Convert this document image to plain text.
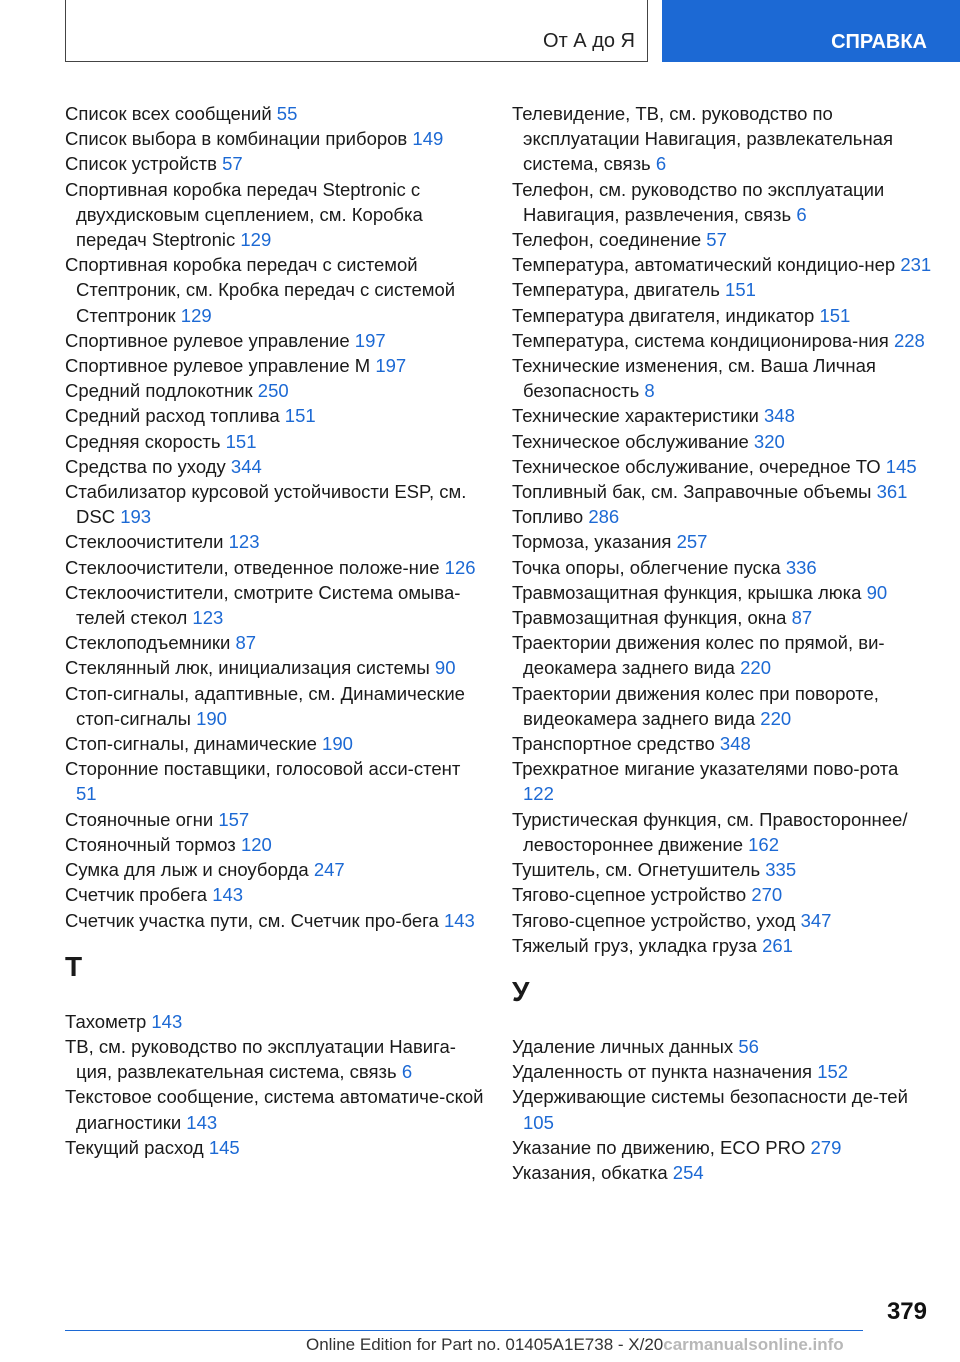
От А до Я	СПРАВКА
Список всех сообщений 55
Список выбора в комбинации приборов 149
Список устройств 57
Спортивная коробка передач Steptronic с двухдисковым сцеплением, см. Коробка передач Steptronic 129
Спортивная коробка передач с системой Стептроник, см. Кробка передач с системой Стептроник 129
Спортивное рулевое управление 197
Спортивное рулевое управление M 197
Средний подлокотник 250
Средний расход топлива 151
Средняя скорость 151
Средства по уходу 344
Стабилизатор курсовой устойчивости ESP, см. DSC 193
Стеклоочистители 123
Стеклоочистители, отведенное положе-ние 126
Стеклоочистители, смотрите Система омыва-телей стекол 123
Стеклоподъемники 87
Стеклянный люк, инициализация системы 90
Стоп-сигналы, адаптивные, см. Динамические стоп-сигналы 190
Стоп-сигналы, динамические 190
Сторонние поставщики, голосовой асси-стент 51
Стояночные огни 157
Стояночный тормоз 120
Сумка для лыж и сноуборда 247
Счетчик пробега 143
Счетчик участка пути, см. Счетчик про-бега 143
Т
Тахометр 143
ТВ, см. руководство по эксплуатации Навига-ция, развлекательная система, связь 6
Текстовое сообщение, система автоматиче-ской диагностики 143
Текущий расход 145
Телевидение, ТВ, см. руководство по эксплуатации Навигация, развлекательная система, связь 6
Телефон, см. руководство по эксплуатации Навигация, развлечения, связь 6
Телефон, соединение 57
Температура, автоматический кондицио-нер 231
Температура, двигатель 151
Температура двигателя, индикатор 151
Температура, система кондиционирова-ния 228
Технические изменения, см. Ваша Личная безопасность 8
Технические характеристики 348
Техническое обслуживание 320
Техническое обслуживание, очередное ТО 145
Топливный бак, см. Заправочные объемы 361
Топливо 286
Тормоза, указания 257
Точка опоры, облегчение пуска 336
Травмозащитная функция, крышка люка 90
Травмозащитная функция, окна 87
Траектории движения колес по прямой, ви-деокамера заднего вида 220
Траектории движения колес при повороте, видеокамера заднего вида 220
Транспортное средство 348
Трехкратное мигание указателями пово-рота 122
Туристическая функция, см. Правостороннее/ левостороннее движение 162
Тушитель, см. Огнетушитель 335
Тягово-сцепное устройство 270
Тягово-сцепное устройство, уход 347
Тяжелый груз, укладка груза 261
У
Удаление личных данных 56
Удаленность от пункта назначения 152
Удерживающие системы безопасности де-тей 105
Указание по движению, ECO PRO 279
Указания, обкатка 254
379
Online Edition for Part no. 01405A1E738 - X/20carmanualsonline.info
